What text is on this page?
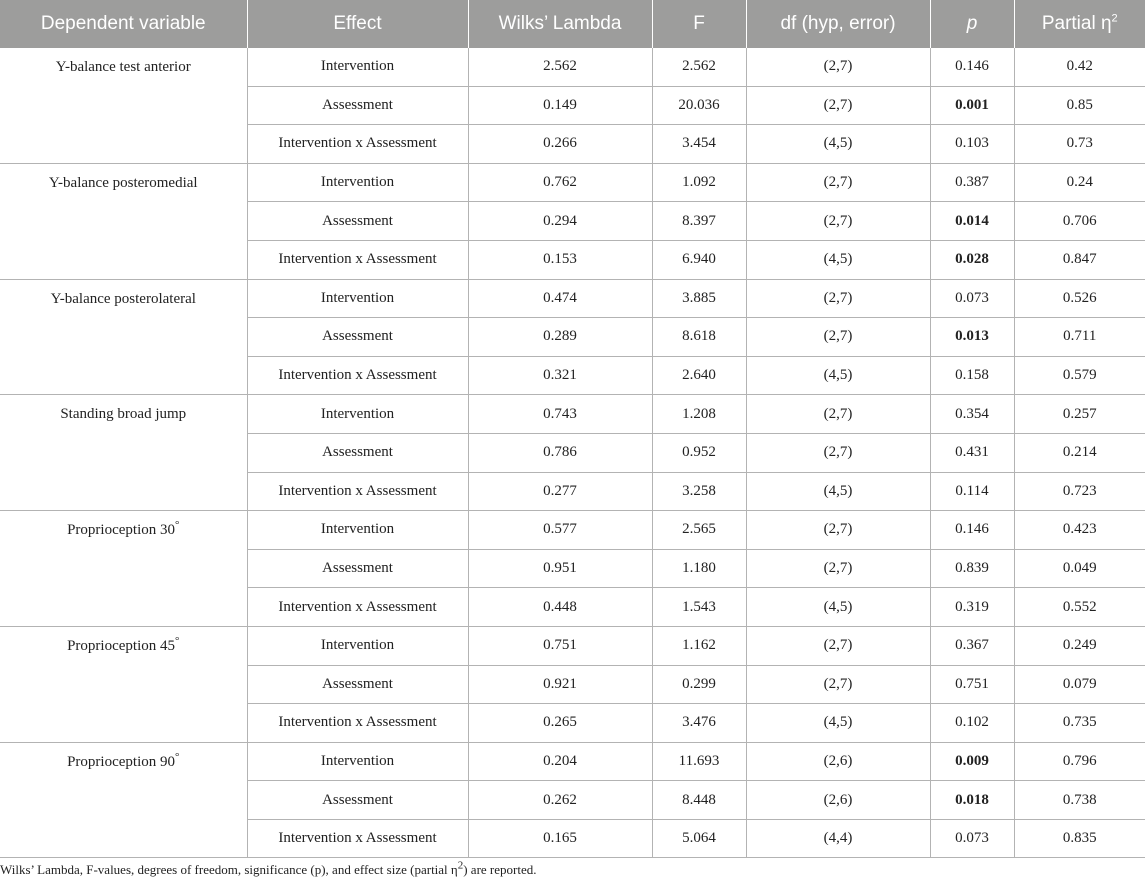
Dependent variable	Effect	Wilks’ Lambda	F	df (hyp, error)	p	Partial $\eta^2$
Y-balance test anterior	Intervention	2.562	2.562	(2,7)	0.146	0.42
	Assessment	0.149	20.036	(2,7)	0.001	0.85
	Intervention x Assessment	0.266	3.454	(4,5)	0.103	0.73
Y-balance posteromedial	Intervention	0.762	1.092	(2,7)	0.387	0.24
	Assessment	0.294	8.397	(2,7)	0.014	0.706
	Intervention x Assessment	0.153	6.940	(4,5)	0.028	0.847
Y-balance posterolateral	Intervention	0.474	3.885	(2,7)	0.073	0.526
	Assessment	0.289	8.618	(2,7)	0.013	0.711
	Intervention x Assessment	0.321	2.640	(4,5)	0.158	0.579
Standing broad jump	Intervention	0.743	1.208	(2,7)	0.354	0.257
	Assessment	0.786	0.952	(2,7)	0.431	0.214
	Intervention x Assessment	0.277	3.258	(4,5)	0.114	0.723
Proprioception 30°	Intervention	0.577	2.565	(2,7)	0.146	0.423
	Assessment	0.951	1.180	(2,7)	0.839	0.049
	Intervention x Assessment	0.448	1.543	(4,5)	0.319	0.552
Proprioception 45°	Intervention	0.751	1.162	(2,7)	0.367	0.249
	Assessment	0.921	0.299	(2,7)	0.751	0.079
	Intervention x Assessment	0.265	3.476	(4,5)	0.102	0.735
Proprioception 90°	Intervention	0.204	11.693	(2,6)	0.009	0.796
	Assessment	0.262	8.448	(2,6)	0.018	0.738
	Intervention x Assessment	0.165	5.064	(4,4)	0.073	0.835
Wilks’ Lambda, F-values, degrees of freedom, significance (p), and effect size (partial $\eta^2$) are reported.
